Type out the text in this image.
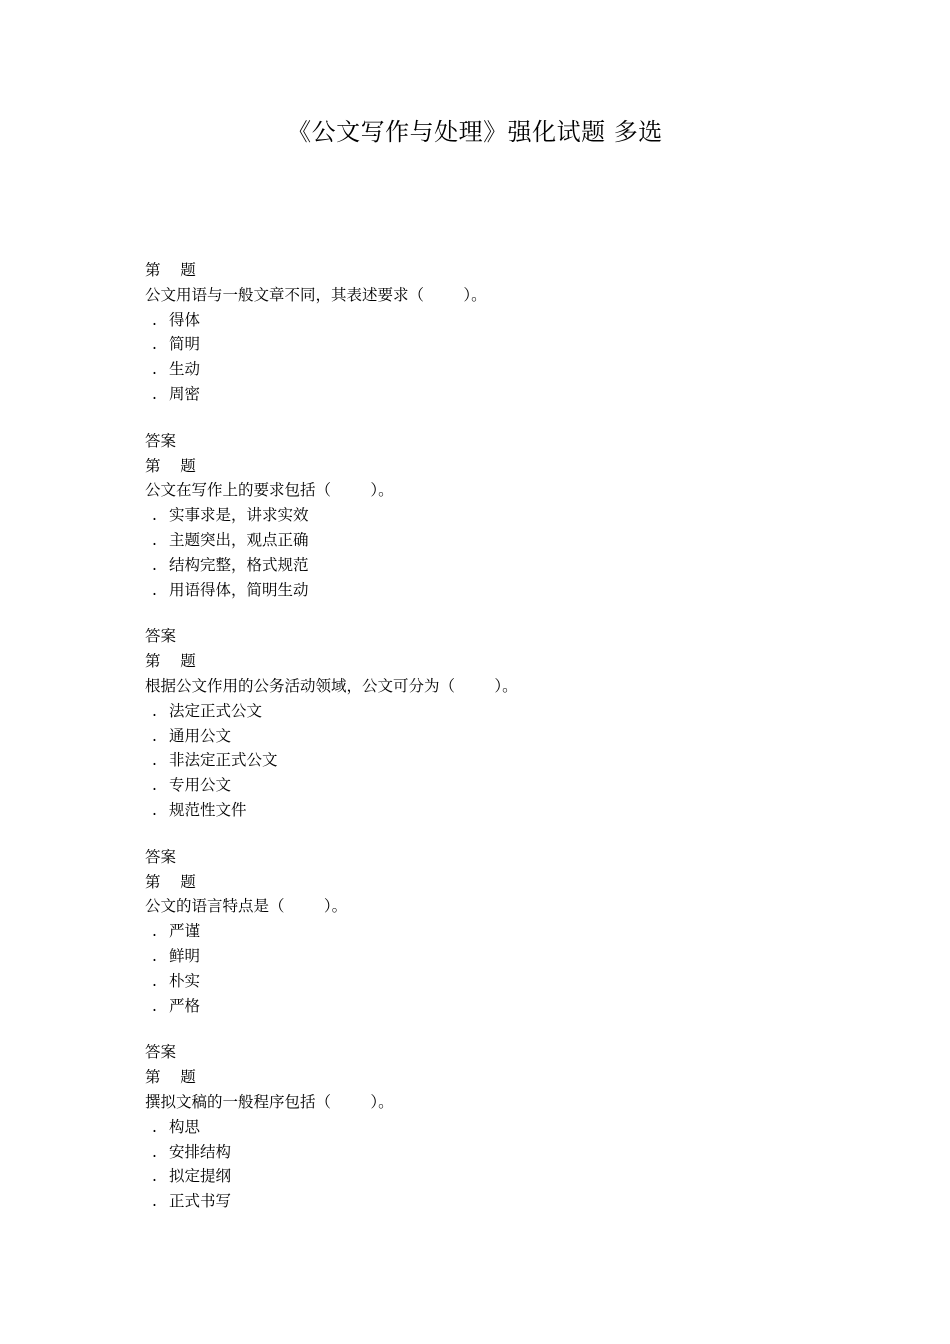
《公文写作与处理》强化试题 多选
第    题
公文用语与一般文章不同，其表述要求（        ）。
. 得体
. 简明
. 生动
. 周密
答案
第    题
公文在写作上的要求包括（        ）。
. 实事求是，讲求实效
. 主题突出，观点正确
. 结构完整，格式规范
. 用语得体，简明生动
答案
第    题
根据公文作用的公务活动领域，公文可分为（        ）。
. 法定正式公文
. 通用公文
. 非法定正式公文
. 专用公文
. 规范性文件
答案
第    题
公文的语言特点是（        ）。
. 严谨
. 鲜明
. 朴实
. 严格
答案
第    题
撰拟文稿的一般程序包括（        ）。
. 构思
. 安排结构
. 拟定提纲
. 正式书写
